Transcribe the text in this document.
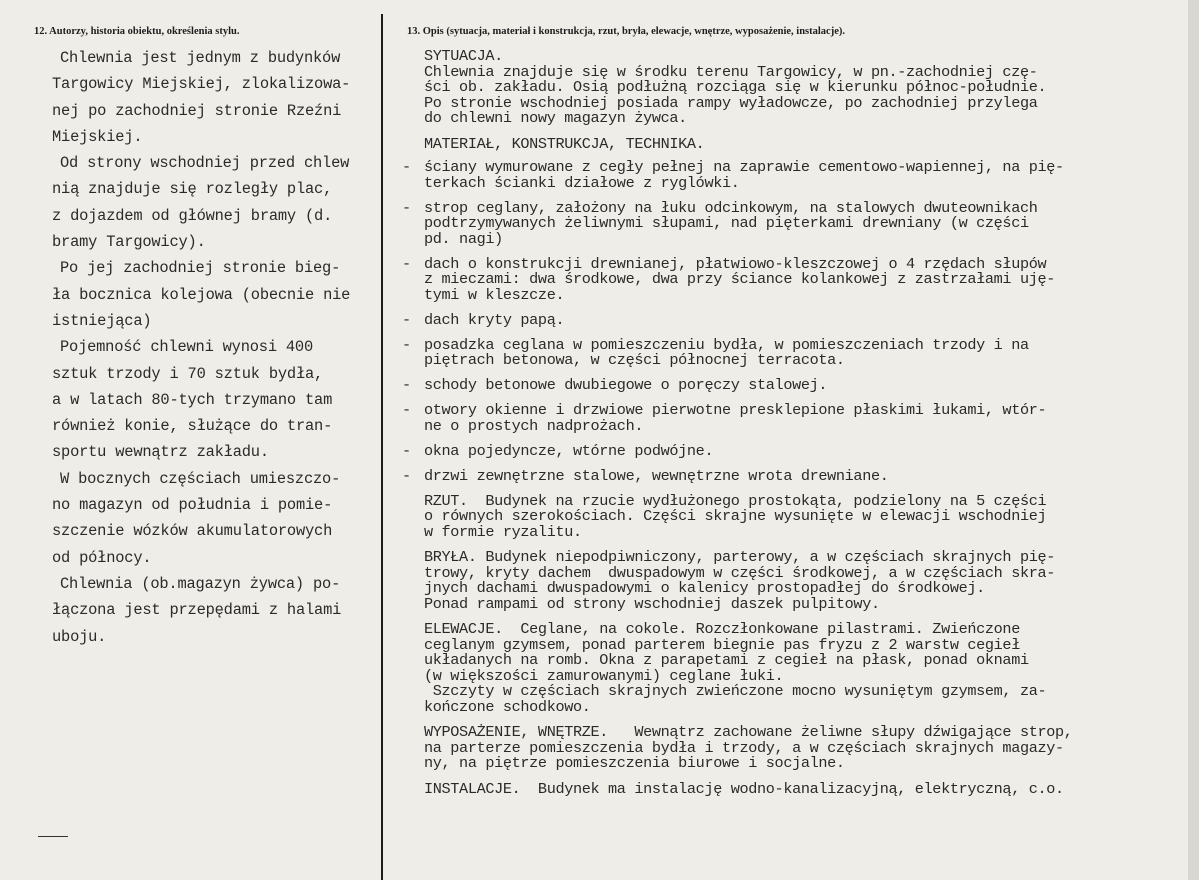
12. Autorzy, historia obiektu, określenia stylu.	13. Opis (sytuacja, materiał i konstrukcja, rzut, bryła, elewacje, wnętrze, wyposażenie, instalacje).
Chlewnia jest jednym z budynków
Targowicy Miejskiej, zlokalizowa-
nej po zachodniej stronie Rzeźni
Miejskiej.
Od strony wschodniej przed chlew
nią znajduje się rozległy plac,
z dojazdem od głównej bramy (d.
bramy Targowicy).
Po jej zachodniej stronie bieg-
ła bocznica kolejowa (obecnie nie
istniejąca)
Pojemność chlewni wynosi 400
sztuk trzody i 70 sztuk bydła,
a w latach 80-tych trzymano tam
również konie, służące do tran-
sportu wewnątrz zakładu.
W bocznych częściach umieszczo-
no magazyn od południa i pomie-
szczenie wózków akumulatorowych
od północy.
Chlewnia (ob.magazyn żywca) po-
łączona jest przepędami z halami
uboju.
SYTUACJA.
Chlewnia znajduje się w środku terenu Targowicy, w pn.-zachodniej czę-
ści ob. zakładu. Osią podłużną rozciąga się w kierunku północ-południe.
Po stronie wschodniej posiada rampy wyładowcze, po zachodniej przylega
do chlewni nowy magazyn żywca.
MATERIAŁ, KONSTRUKCJA, TECHNIKA.
- ściany wymurowane z cegły pełnej na zaprawie cementowo-wapiennej, na pię-
terkach ścianki działowe z ryglówki.
- strop ceglany, założony na łuku odcinkowym, na stalowych dwuteownikach
podtrzymywanych żeliwnymi słupami, nad pięterkami drewniany (w części
pd. nagi)
- dach o konstrukcji drewnianej, płatwiowo-kleszczowej o 4 rzędach słupów
z mieczami: dwa środkowe, dwa przy ściance kolankowej z zastrzałami uję-
tymi w kleszcze.
- dach kryty papą.
- posadzka ceglana w pomieszczeniu bydła, w pomieszczeniach trzody i na
piętrach betonowa, w części północnej terracota.
- schody betonowe dwubiegowe o poręczy stalowej.
- otwory okienne i drzwiowe pierwotne presklepione płaskimi łukami, wtór-
ne o prostych nadprożach.
- okna pojedyncze, wtórne podwójne.
- drzwi zewnętrzne stalowe, wewnętrzne wrota drewniane.
RZUT.  Budynek na rzucie wydłużonego prostokąta, podzielony na 5 części
o równych szerokościach. Części skrajne wysunięte w elewacji wschodniej
w formie ryzalitu.
BRYŁA. Budynek niepodpiwniczony, parterowy, a w częściach skrajnych pię-
trowy, kryty dachem  dwuspadowym w części środkowej, a w częściach skra-
jnych dachami dwuspadowymi o kalenicy prostopadłej do środkowej.
Ponad rampami od strony wschodniej daszek pulpitowy.
ELEWACJE.  Ceglane, na cokole. Rozczłonkowane pilastrami. Zwieńczone
ceglanym gzymsem, ponad parterem biegnie pas fryzu z 2 warstw cegieł
układanych na romb. Okna z parapetami z cegieł na płask, ponad oknami
(w większości zamurowanymi) ceglane łuki.
Szczyty w częściach skrajnych zwieńczone mocno wysuniętym gzymsem, za-
kończone schodkowo.
WYPOSAŻENIE, WNĘTRZE.   Wewnątrz zachowane żeliwne słupy dźwigające strop,
na parterze pomieszczenia bydła i trzody, a w częściach skrajnych magazy-
ny, na piętrze pomieszczenia biurowe i socjalne.
INSTALACJE.  Budynek ma instalację wodno-kanalizacyjną, elektryczną, c.o.
